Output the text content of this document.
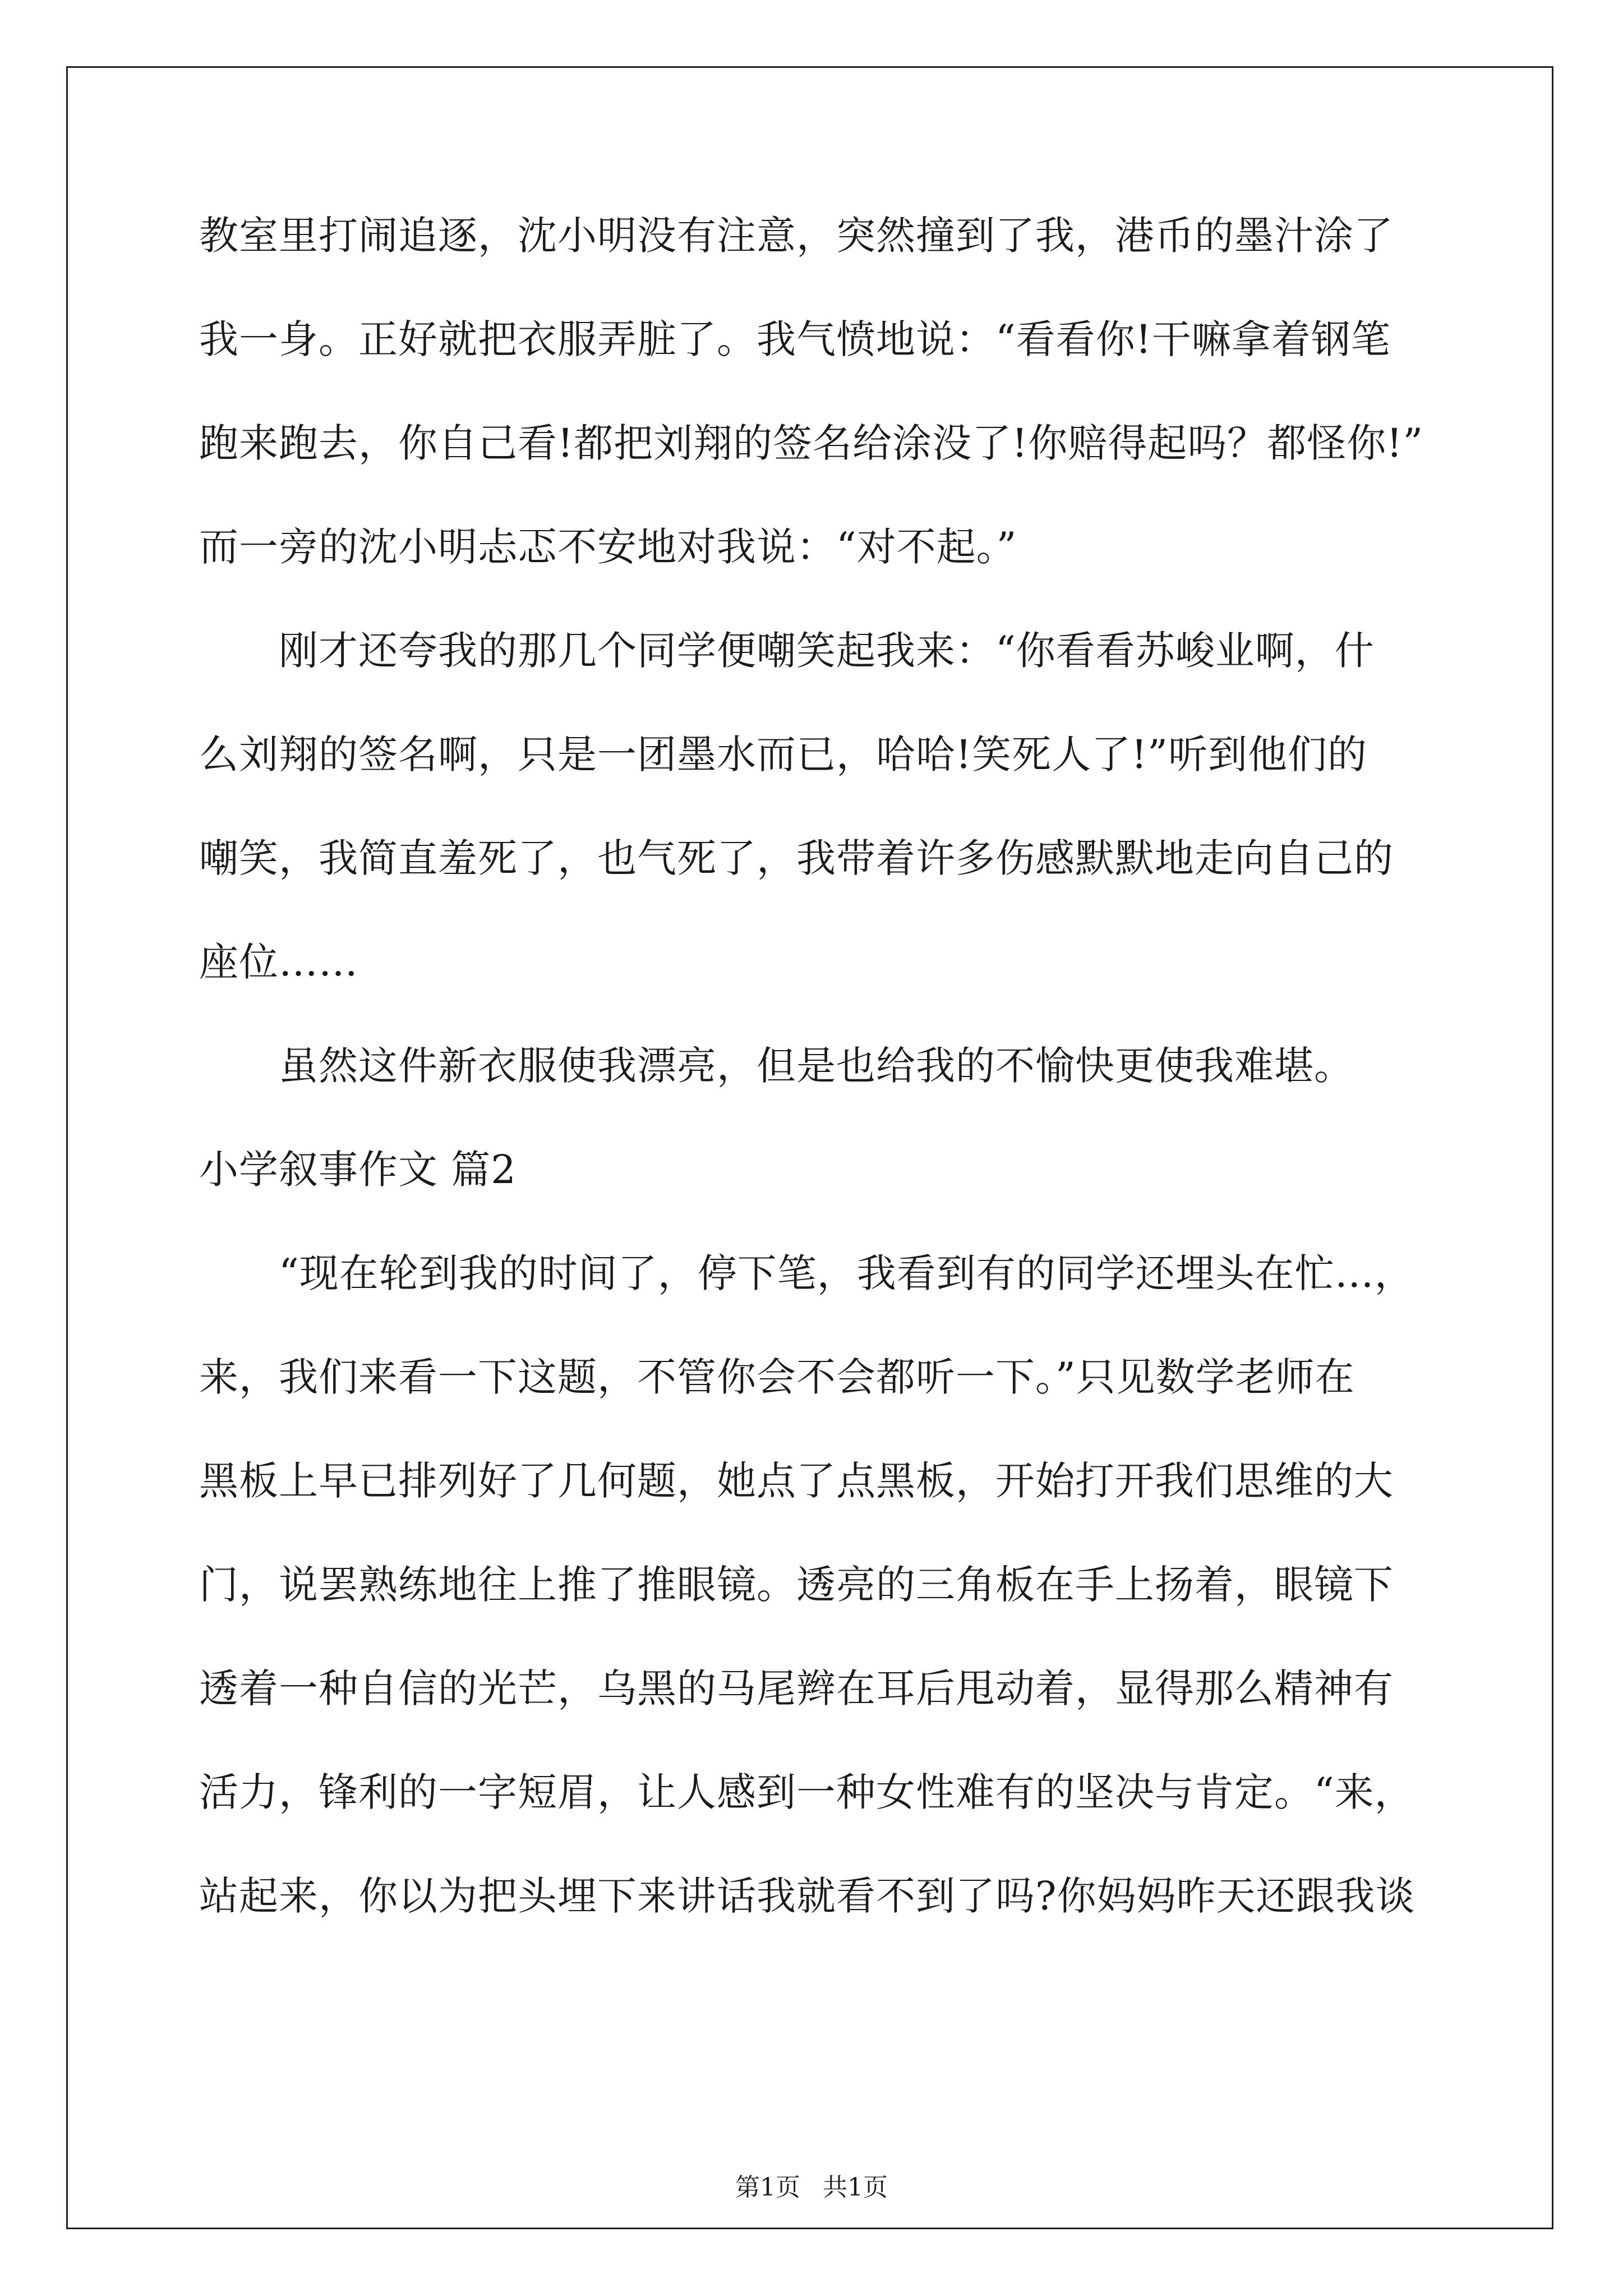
教室里打闹追逐，沈小明没有注意，突然撞到了我，港币的墨汁涂了
我一身。正好就把衣服弄脏了。我气愤地说：“看看你!干嘛拿着钢笔
跑来跑去，你自己看!都把刘翔的签名给涂没了!你赔得起吗？都怪你!”
而一旁的沈小明忐忑不安地对我说：“对不起。”
　　刚才还夸我的那几个同学便嘲笑起我来：“你看看苏峻业啊，什
么刘翔的签名啊，只是一团墨水而已，哈哈!笑死人了!”听到他们的
嘲笑，我简直羞死了，也气死了，我带着许多伤感默默地走向自己的
座位……
　　虽然这件新衣服使我漂亮，但是也给我的不愉快更使我难堪。
小学叙事作文 篇2
　　“现在轮到我的时间了，停下笔，我看到有的同学还埋头在忙…，
来，我们来看一下这题，不管你会不会都听一下。”只见数学老师在
黑板上早已排列好了几何题，她点了点黑板，开始打开我们思维的大
门，说罢熟练地往上推了推眼镜。透亮的三角板在手上扬着，眼镜下
透着一种自信的光芒，乌黑的马尾辫在耳后甩动着，显得那么精神有
活力，锋利的一字短眉，让人感到一种女性难有的坚决与肯定。“来，
站起来，你以为把头埋下来讲话我就看不到了吗?你妈妈昨天还跟我谈
第1页 共1页
